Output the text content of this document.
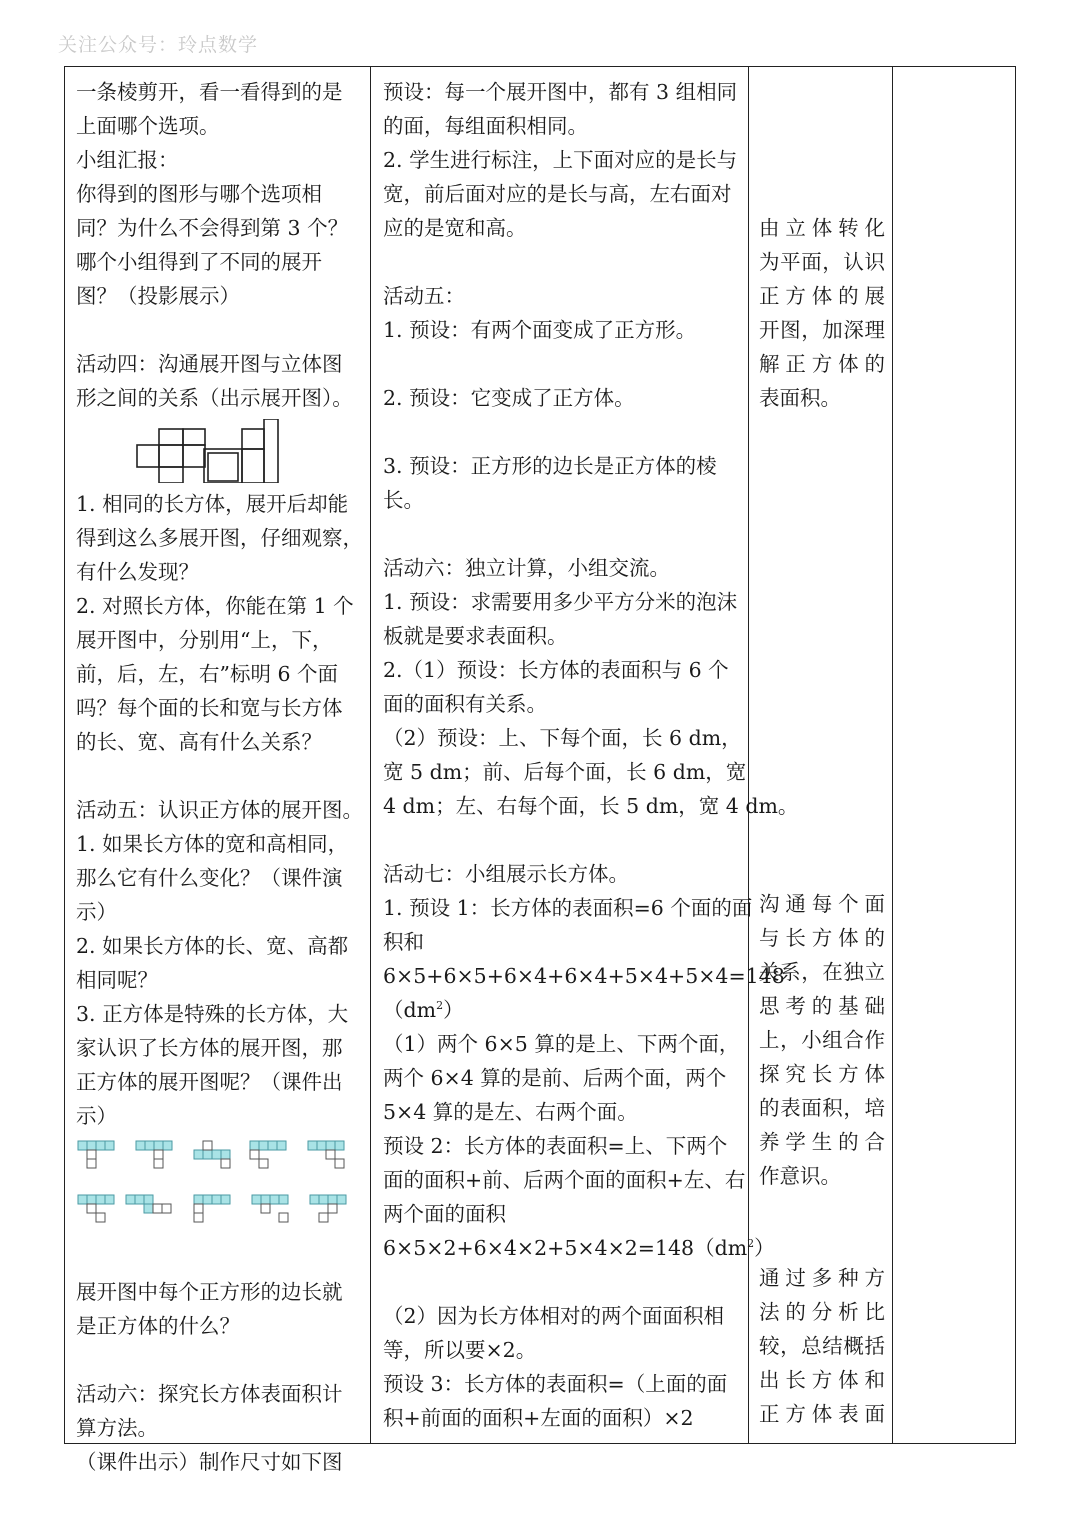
关注公众号：玲点数学

一条棱剪开，看一看得到的是

上面哪个选项。

小组汇报：

你得到的图形与哪个选项相

同？为什么不会得到第 3 个？

哪个小组得到了不同的展开

图？（投影展示）

活动四：沟通展开图与立体图

形之间的关系（出示展开图）。

1. 相同的长方体，展开后却能

得到这么多展开图，仔细观察，

有什么发现？

2. 对照长方体，你能在第 1 个

展开图中，分别用“上，下，

前，后，左，右”标明 6 个面

吗？每个面的长和宽与长方体

的长、宽、高有什么关系？

活动五：认识正方体的展开图。

1. 如果长方体的宽和高相同，

那么它有什么变化？（课件演

示）

2. 如果长方体的长、宽、高都

相同呢？

3. 正方体是特殊的长方体，大

家认识了长方体的展开图，那

正方体的展开图呢？（课件出

示）

展开图中每个正方形的边长就

是正方体的什么？

活动六：探究长方体表面积计

算方法。

（课件出示）制作尺寸如下图

预设：每一个展开图中，都有 3 组相同

的面，每组面积相同。

2. 学生进行标注，上下面对应的是长与

宽，前后面对应的是长与高，左右面对

应的是宽和高。

活动五：

1. 预设：有两个面变成了正方形。

2. 预设：它变成了正方体。

3. 预设：正方形的边长是正方体的棱

长。

活动六：独立计算，小组交流。

1. 预设：求需要用多少平方分米的泡沫

板就是要求表面积。

2.（1）预设：长方体的表面积与 6 个

面的面积有关系。

（2）预设：上、下每个面，长 6 dm，

宽 5 dm；前、后每个面，长 6 dm，宽

4 dm；左、右每个面，长 5 dm，宽 4 dm。

活动七：小组展示长方体。

1. 预设 1：长方体的表面积=6 个面的面

积和

6×5+6×5+6×4+6×4+5×4+5×4=148

$(dm^2)$

（1）两个 6×5 算的是上、下两个面，

两个 6×4 算的是前、后两个面，两个

5×4 算的是左、右两个面。

预设 2：长方体的表面积=上、下两个

面的面积+前、后两个面的面积+左、右

两个面的面积

$6\times 5\times 2+6\times 4\times 2+5\times 4\times 2=148(dm^2)$

（2）因为长方体相对的两个面面积相

等，所以要×2。

预设 3：长方体的表面积=（上面的面

积+前面的面积+左面的面积）×2

由立体转化
为平面，认识
正方体的展
开图，加深理
解正方体的
表面积。
沟通每个面
与长方体的
关系，在独立
思考的基础
上，小组合作
探究长方体
的表面积，培
养学生的合
作意识。
通过多种方
法的分析比
较，总结概括
出长方体和
正方体表面
